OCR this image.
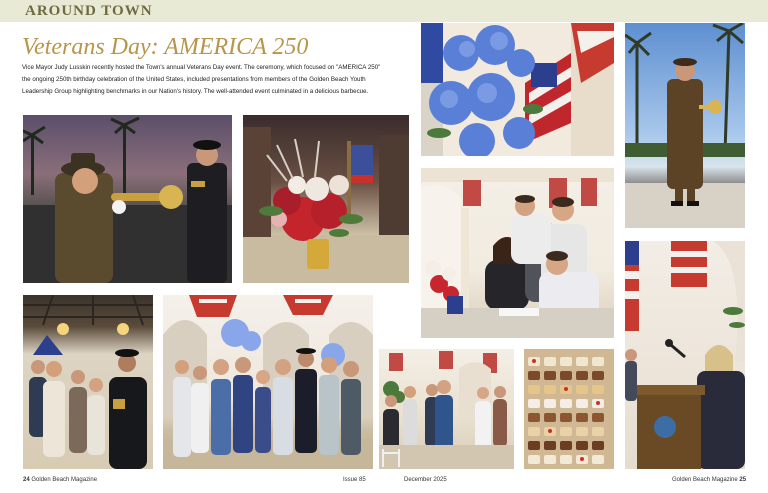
AROUND TOWN
Veterans Day: AMERICA 250
Vice Mayor Judy Lusskin recently hosted the Town's annual Veterans Day event. The ceremony, which focused on "AMERICA 250"
the ongoing 250th birthday celebration of the United States, included presentations from members of the Golden Beach Youth
Leadership Group highlighting benchmarks in our Nation's history. The well-attended event culminated in a delicious barbecue.
24 Golden Beach Magazine	Issue 85	December 2025	Golden Beach Magazine 25
